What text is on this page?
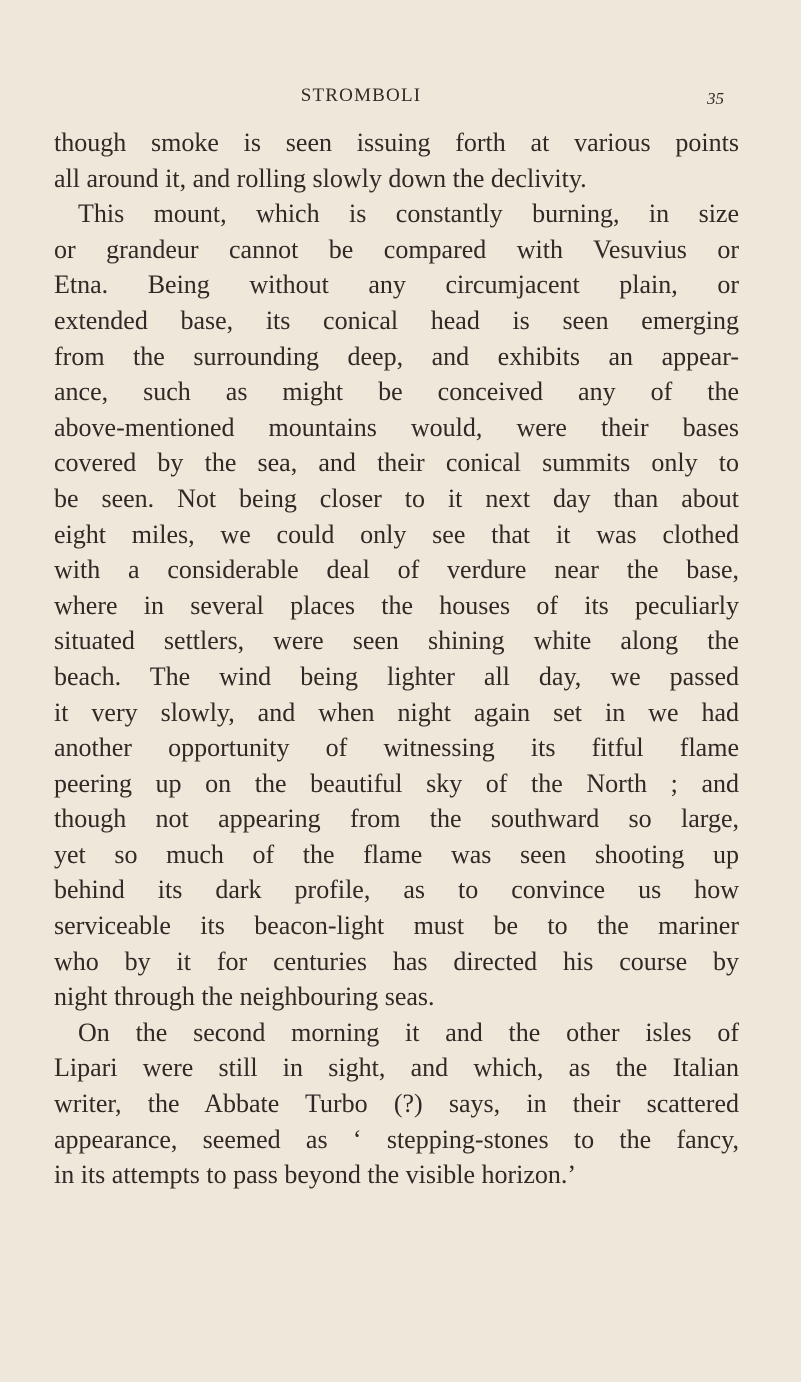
STROMBOLI	35
though smoke is seen issuing forth at various points
all around it, and rolling slowly down the declivity.
This mount, which is constantly burning, in size
or grandeur cannot be compared with Vesuvius or
Etna. Being without any circumjacent plain, or
extended base, its conical head is seen emerging
from the surrounding deep, and exhibits an appear-
ance, such as might be conceived any of the
above-mentioned mountains would, were their bases
covered by the sea, and their conical summits only to
be seen. Not being closer to it next day than about
eight miles, we could only see that it was clothed
with a considerable deal of verdure near the base,
where in several places the houses of its peculiarly
situated settlers, were seen shining white along the
beach. The wind being lighter all day, we passed
it very slowly, and when night again set in we had
another opportunity of witnessing its fitful flame
peering up on the beautiful sky of the North ; and
though not appearing from the southward so large,
yet so much of the flame was seen shooting up
behind its dark profile, as to convince us how
serviceable its beacon-light must be to the mariner
who by it for centuries has directed his course by
night through the neighbouring seas.
On the second morning it and the other isles of
Lipari were still in sight, and which, as the Italian
writer, the Abbate Turbo (?) says, in their scattered
appearance, seemed as ‘ stepping-stones to the fancy,
in its attempts to pass beyond the visible horizon.’
